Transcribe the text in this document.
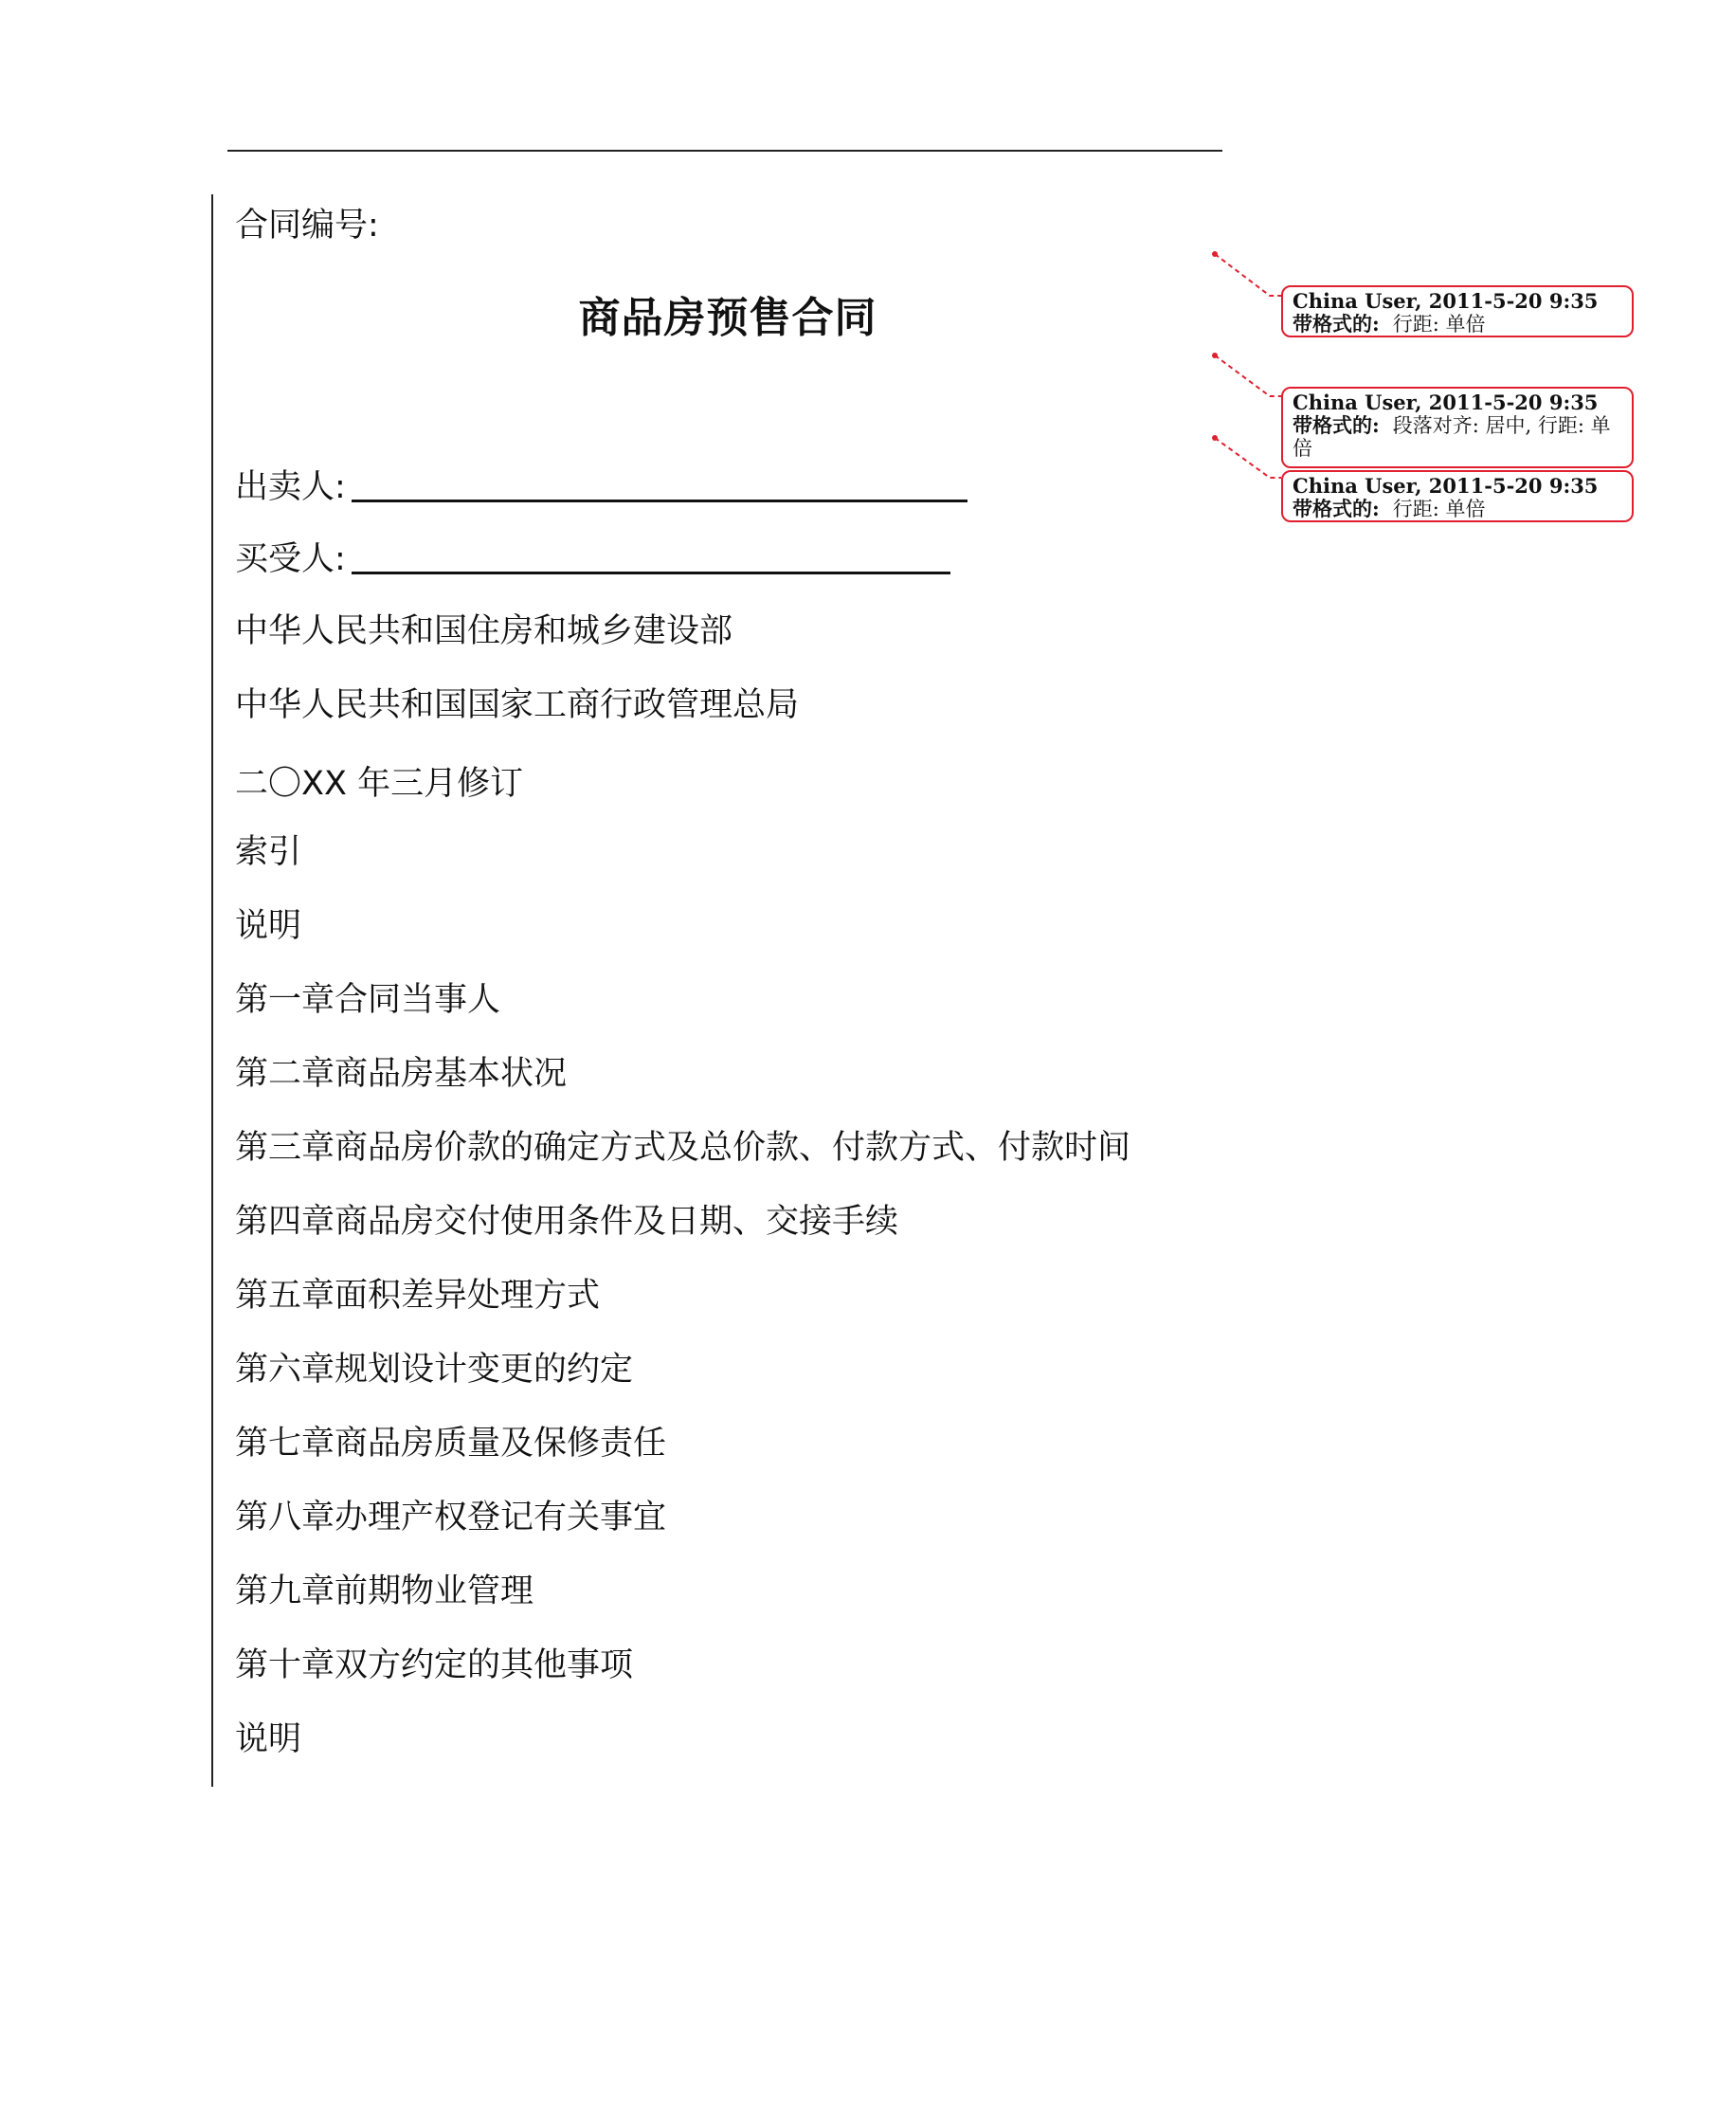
合同编号:
商品房预售合同
出卖人:
买受人:
中华人民共和国住房和城乡建设部
中华人民共和国国家工商行政管理总局
二〇XX 年三月修订
索引
说明
第一章合同当事人
第二章商品房基本状况
第三章商品房价款的确定方式及总价款、付款方式、付款时间
第四章商品房交付使用条件及日期、交接手续
第五章面积差异处理方式
第六章规划设计变更的约定
第七章商品房质量及保修责任
第八章办理产权登记有关事宜
第九章前期物业管理
第十章双方约定的其他事项
说明
China User, 2011-5-20 9:35
带格式的: 行距: 单倍
China User, 2011-5-20 9:35
带格式的: 段落对齐: 居中, 行距: 单倍
China User, 2011-5-20 9:35
带格式的: 行距: 单倍
